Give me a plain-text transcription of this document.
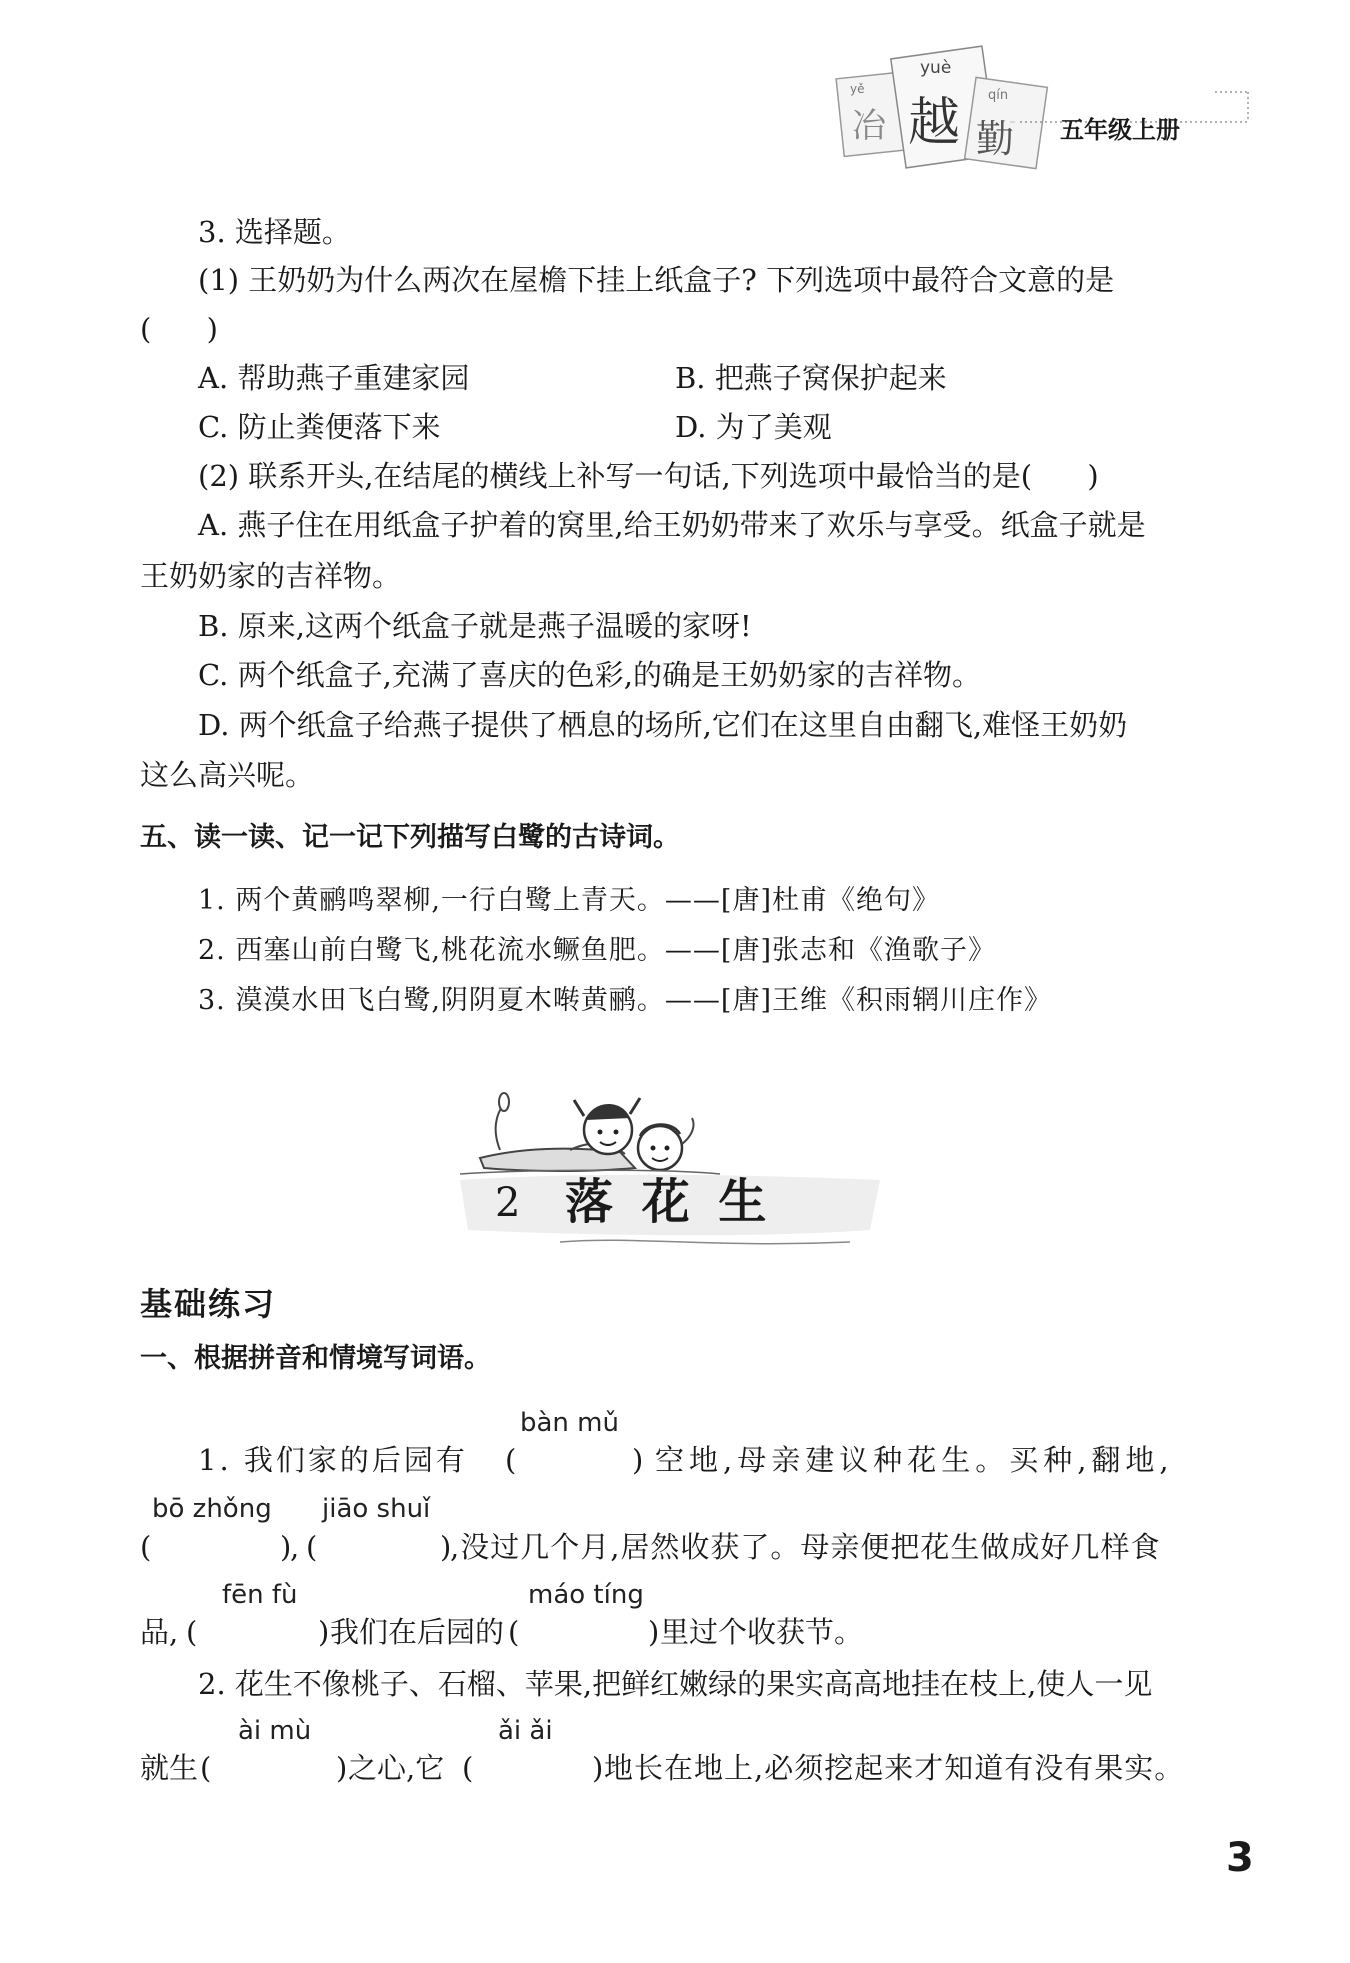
yě
yuè
qín
冶 越 勤 五年级上册
3. 选择题。
(1) 王奶奶为什么两次在屋檐下挂上纸盒子? 下列选项中最符合文意的是
(      )
A. 帮助燕子重建家园	B. 把燕子窝保护起来
C. 防止粪便落下来	D. 为了美观
(2) 联系开头,在结尾的横线上补写一句话,下列选项中最恰当的是(      )
A. 燕子住在用纸盒子护着的窝里,给王奶奶带来了欢乐与享受。纸盒子就是
王奶奶家的吉祥物。
B. 原来,这两个纸盒子就是燕子温暖的家呀!
C. 两个纸盒子,充满了喜庆的色彩,的确是王奶奶家的吉祥物。
D. 两个纸盒子给燕子提供了栖息的场所,它们在这里自由翻飞,难怪王奶奶
这么高兴呢。
五、读一读、记一记下列描写白鹭的古诗词。
1. 两个黄鹂鸣翠柳,一行白鹭上青天。——[唐]杜甫《绝句》
2. 西塞山前白鹭飞,桃花流水鳜鱼肥。——[唐]张志和《渔歌子》
3. 漠漠水田飞白鹭,阴阴夏木啭黄鹂。——[唐]王维《积雨辋川庄作》
2 落 花 生
基础练习
一、根据拼音和情境写词语。
bàn mǔ
1. 我们家的后园有 (	) 空地,母亲建议种花生。买种,翻地,
bō zhǒng jiāo shuǐ
(	)
, (	)
,没过几个月,居然收获了。母亲便把花生做成好几样食
fēn fù	máo tíng
品, (	) 我们在后园的 (	) 里过个收获节。
2. 花生不像桃子、石榴、苹果,把鲜红嫩绿的果实高高地挂在枝上,使人一见
ài mù	ǎi ǎi
就生 (	) 之心,它 (	) 地长在地上,必须挖起来才知道有没有果实。
3
